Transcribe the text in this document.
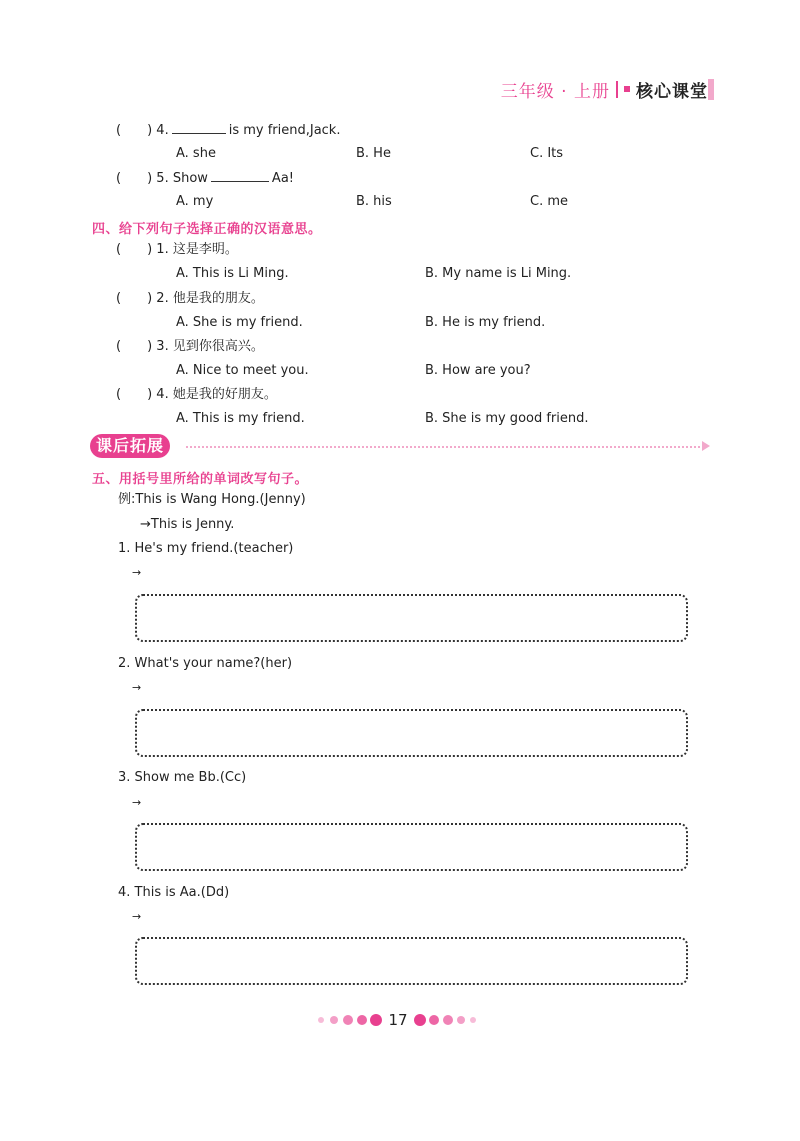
三年级 · 上册 核心课堂
(　　) 4.	is my friend,Jack.
A. she	B. He	C. Its
(　　) 5. Show	Aa!
A. my	B. his	C. me
四、给下列句子选择正确的汉语意思。
(　　) 1. 这是李明。
A. This is Li Ming.	B. My name is Li Ming.
(　　) 2. 他是我的朋友。
A. She is my friend.	B. He is my friend.
(　　) 3. 见到你很高兴。
A. Nice to meet you.	B. How are you?
(　　) 4. 她是我的好朋友。
A. This is my friend.	B. She is my good friend.
课后拓展
五、用括号里所给的单词改写句子。
例:This is Wang Hong.(Jenny)
→This is Jenny.
1. He's my friend.(teacher)
→
2. What's your name?(her)
→
3. Show me Bb.(Cc)
→
4. This is Aa.(Dd)
→
17
